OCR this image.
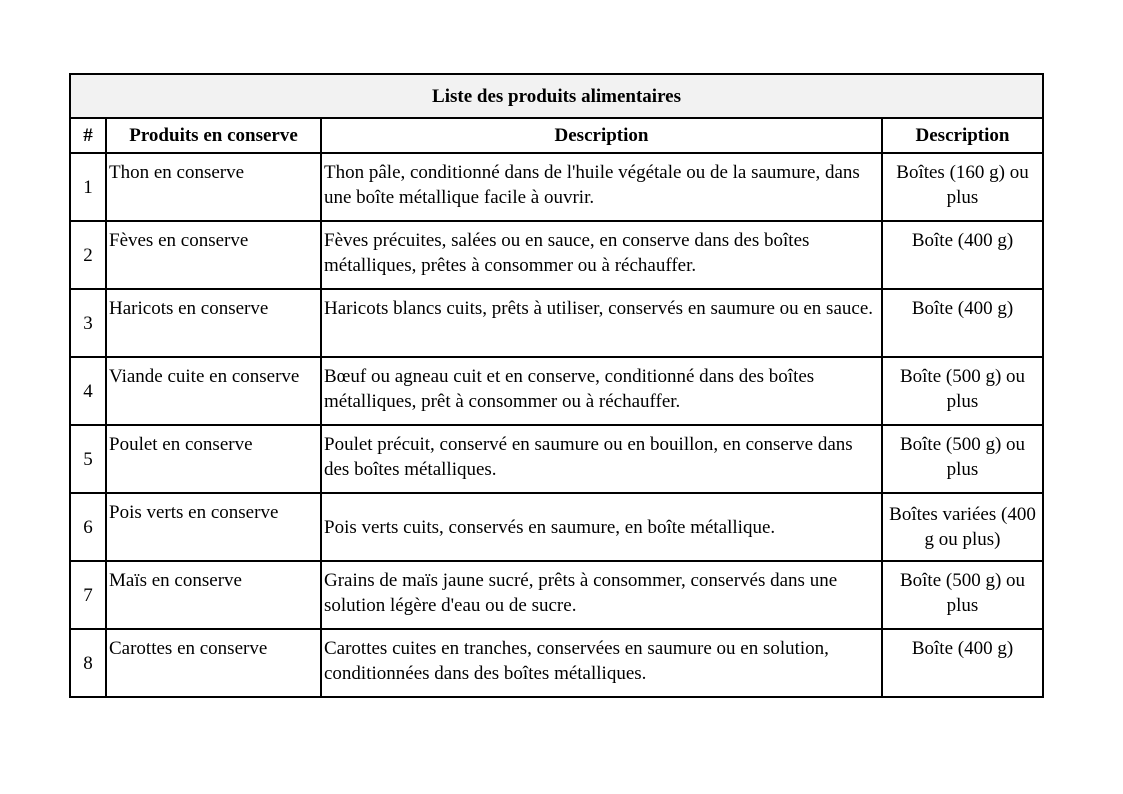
Liste des produits alimentaires			
#	Produits en conserve	Description	Description
1	Thon en conserve	Thon pâle, conditionné dans de l'huile végétale ou de la saumure, dans une boîte métallique facile à ouvrir.	Boîtes (160 g) ou plus
2	Fèves en conserve	Fèves précuites, salées ou en sauce, en conserve dans des boîtes métalliques, prêtes à consommer ou à réchauffer.	Boîte (400 g)
3	Haricots en conserve	Haricots blancs cuits, prêts à utiliser, conservés en saumure ou en sauce.	Boîte (400 g)
4	Viande cuite en conserve	Bœuf ou agneau cuit et en conserve, conditionné dans des boîtes métalliques, prêt à consommer ou à réchauffer.	Boîte (500 g) ou plus
5	Poulet en conserve	Poulet précuit, conservé en saumure ou en bouillon, en conserve dans des boîtes métalliques.	Boîte (500 g) ou plus
6	Pois verts en conserve	Pois verts cuits, conservés en saumure, en boîte métallique.	Boîtes variées (400 g ou plus)
7	Maïs en conserve	Grains de maïs jaune sucré, prêts à consommer, conservés dans une solution légère d'eau ou de sucre.	Boîte (500 g) ou plus
8	Carottes en conserve	Carottes cuites en tranches, conservées en saumure ou en solution, conditionnées dans des boîtes métalliques.	Boîte (400 g)
